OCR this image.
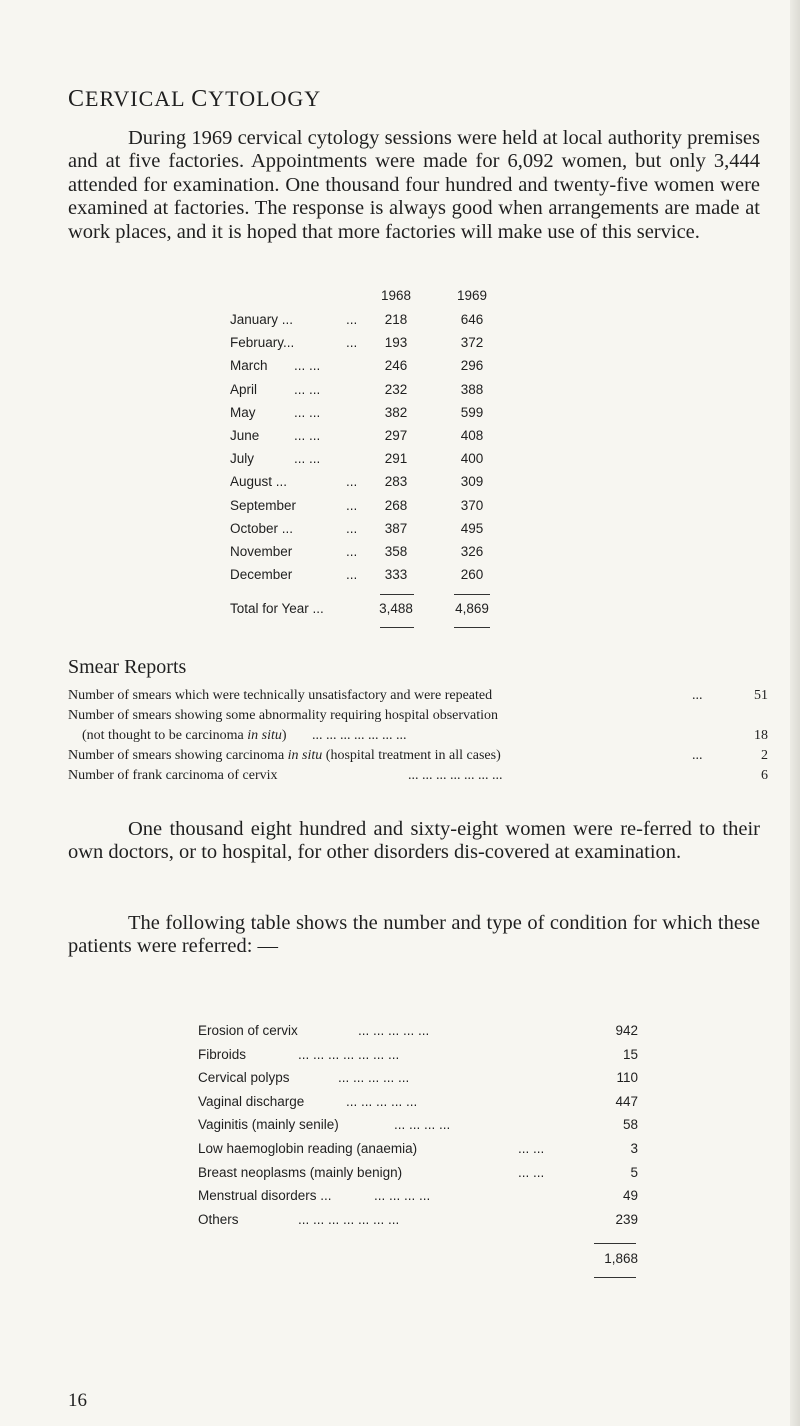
CERVICAL CYTOLOGY

During 1969 cervical cytology sessions were held at local authority premises and at five factories. Appointments were made for 6,092 women, but only 3,444 attended for examination. One thousand four hundred and twenty-five women were examined at factories. The response is always good when arrangements are made at work places, and it is hoped that more factories will make use of this service.

1968	1969
January ...	...	218	646
February...	...	193	372
March ... ...	246	296
April	... ...	232	388
May	... ...	382	599
June	... ...	297	408
July	... ...	291	400
August ...	...	283	309
September	...	268	370
October ...	...	387	495
November	...	358	326
December	...	333	260
Total for Year ...	3,488	4,869
Smear Reports
Number of smears which were technically unsatisfactory and were repeated	...	51
Number of smears showing some abnormality requiring hospital observation
(not thought to be carcinoma in situ) ... ... ... ... ... ... ...	18
Number of smears showing carcinoma in situ (hospital treatment in all cases)	...	2
Number of frank carcinoma of cervix	... ... ... ... ... ... ...	6

One thousand eight hundred and sixty-eight women were re-ferred to their own doctors, or to hospital, for other disorders dis-covered at examination.

The following table shows the number and type of condition for which these patients were referred: —

Erosion of cervix	... ... ... ... ...	942
Fibroids	... ... ... ... ... ... ...	15
Cervical polyps	... ... ... ... ...	110
Vaginal discharge	... ... ... ... ...	447
Vaginitis (mainly senile)	... ... ... ...	58
Low haemoglobin reading (anaemia)	... ...	3
Breast neoplasms (mainly benign)	... ...	5
Menstrual disorders ...	... ... ... ...	49
Others	... ... ... ... ... ... ...	239
1,868
16
